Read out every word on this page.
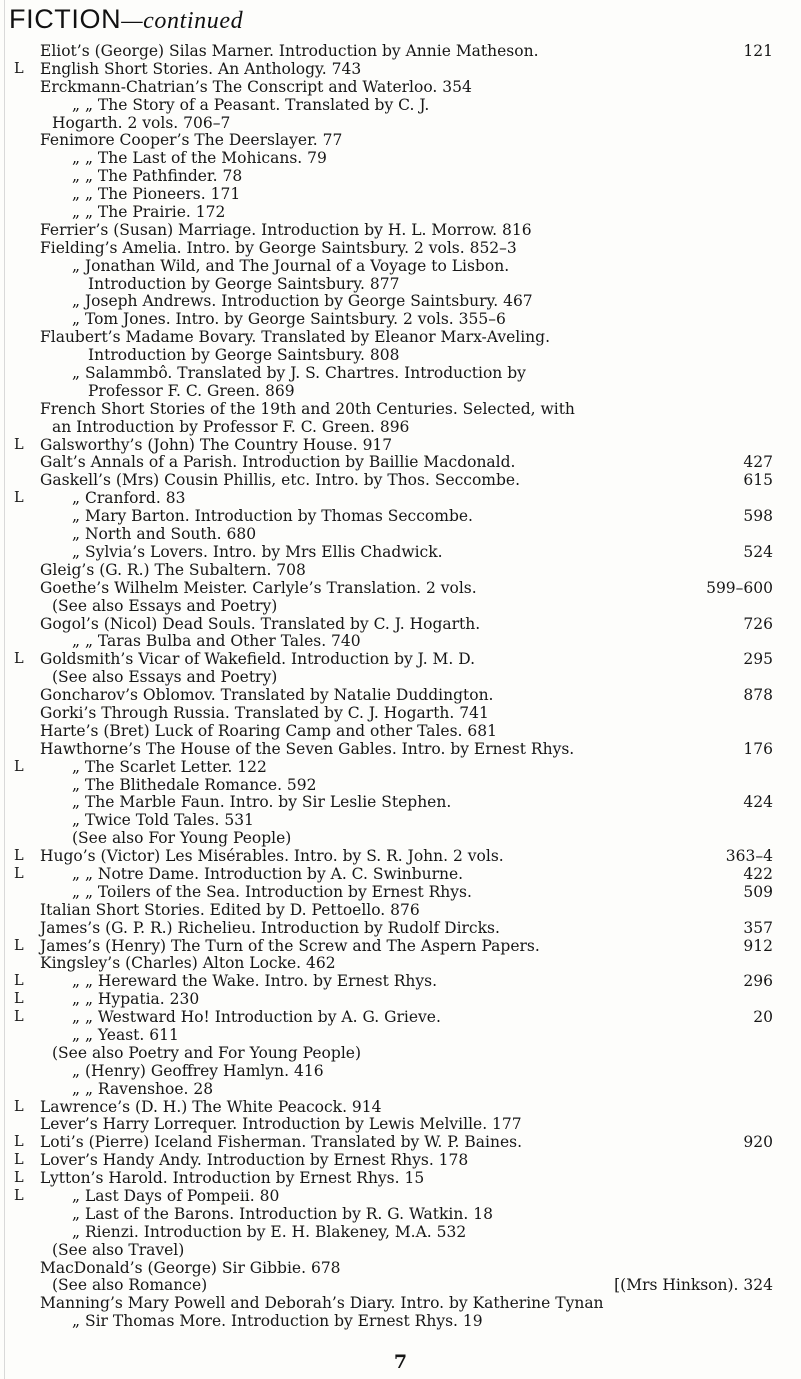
FICTION—continued
Eliot’s (George) Silas Marner. Introduction by Annie Matheson.	121
L English Short Stories. An Anthology. 743
Erckmann-Chatrian’s The Conscript and Waterloo. 354
„ „ The Story of a Peasant. Translated by C. J.
Hogarth. 2 vols. 706–7
Fenimore Cooper’s The Deerslayer. 77
„ „ The Last of the Mohicans. 79
„ „ The Pathfinder. 78
„ „ The Pioneers. 171
„ „ The Prairie. 172
Ferrier’s (Susan) Marriage. Introduction by H. L. Morrow. 816
Fielding’s Amelia. Intro. by George Saintsbury. 2 vols. 852–3
„ Jonathan Wild, and The Journal of a Voyage to Lisbon.
Introduction by George Saintsbury. 877
„ Joseph Andrews. Introduction by George Saintsbury. 467
„ Tom Jones. Intro. by George Saintsbury. 2 vols. 355–6
Flaubert’s Madame Bovary. Translated by Eleanor Marx-Aveling.
Introduction by George Saintsbury. 808
„ Salammbô. Translated by J. S. Chartres. Introduction by
Professor F. C. Green. 869
French Short Stories of the 19th and 20th Centuries. Selected, with
an Introduction by Professor F. C. Green. 896
L Galsworthy’s (John) The Country House. 917
Galt’s Annals of a Parish. Introduction by Baillie Macdonald.	427
Gaskell’s (Mrs) Cousin Phillis, etc. Intro. by Thos. Seccombe.	615
L	„ Cranford. 83
„ Mary Barton. Introduction by Thomas Seccombe.	598
„ North and South. 680
„ Sylvia’s Lovers. Intro. by Mrs Ellis Chadwick.	524
Gleig’s (G. R.) The Subaltern. 708
Goethe’s Wilhelm Meister. Carlyle’s Translation. 2 vols.	599–600
(See also Essays and Poetry)
Gogol’s (Nicol) Dead Souls. Translated by C. J. Hogarth.	726
„ „ Taras Bulba and Other Tales. 740
L Goldsmith’s Vicar of Wakefield. Introduction by J. M. D.	295
(See also Essays and Poetry)
Goncharov’s Oblomov. Translated by Natalie Duddington.	878
Gorki’s Through Russia. Translated by C. J. Hogarth. 741
Harte’s (Bret) Luck of Roaring Camp and other Tales. 681
Hawthorne’s The House of the Seven Gables. Intro. by Ernest Rhys.	176
L	„ The Scarlet Letter. 122
„ The Blithedale Romance. 592
„ The Marble Faun. Intro. by Sir Leslie Stephen.	424
„ Twice Told Tales. 531
(See also For Young People)
L Hugo’s (Victor) Les Misérables. Intro. by S. R. John. 2 vols.	363–4
L	„ „ Notre Dame. Introduction by A. C. Swinburne.	422
„ „ Toilers of the Sea. Introduction by Ernest Rhys.	509
Italian Short Stories. Edited by D. Pettoello. 876
James’s (G. P. R.) Richelieu. Introduction by Rudolf Dircks.	357
L James’s (Henry) The Turn of the Screw and The Aspern Papers.	912
Kingsley’s (Charles) Alton Locke. 462
L	„ „ Hereward the Wake. Intro. by Ernest Rhys.	296
L	„ „ Hypatia. 230
L	„ „ Westward Ho! Introduction by A. G. Grieve.	20
„ „ Yeast. 611
(See also Poetry and For Young People)
„ (Henry) Geoffrey Hamlyn. 416
„ „ Ravenshoe. 28
L Lawrence’s (D. H.) The White Peacock. 914
Lever’s Harry Lorrequer. Introduction by Lewis Melville. 177
L Loti’s (Pierre) Iceland Fisherman. Translated by W. P. Baines.	920
L Lover’s Handy Andy. Introduction by Ernest Rhys. 178
L Lytton’s Harold. Introduction by Ernest Rhys. 15
L	„ Last Days of Pompeii. 80
„ Last of the Barons. Introduction by R. G. Watkin. 18
„ Rienzi. Introduction by E. H. Blakeney, M.A. 532
(See also Travel)
MacDonald’s (George) Sir Gibbie. 678
(See also Romance)	[(Mrs Hinkson). 324
Manning’s Mary Powell and Deborah’s Diary. Intro. by Katherine Tynan
„ Sir Thomas More. Introduction by Ernest Rhys. 19
7
